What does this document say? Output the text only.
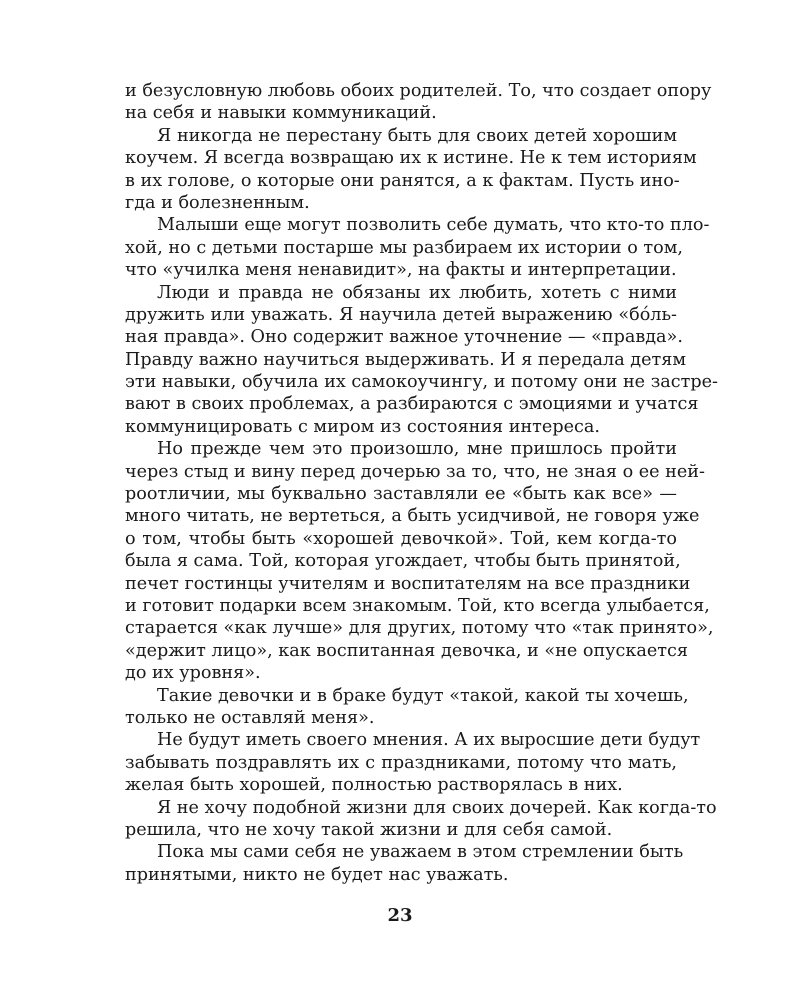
и безусловную любовь обоих родителей. То, что создает опору
на себя и навыки коммуникаций.
Я никогда не перестану быть для своих детей хорошим
коучем. Я всегда возвращаю их к истине. Не к тем историям
в их голове, о которые они ранятся, а к фактам. Пусть ино-
гда и болезненным.
Малыши еще могут позволить себе думать, что кто-то пло-
хой, но с детьми постарше мы разбираем их истории о том,
что «училка меня ненавидит», на факты и интерпретации.
Люди и правда не обязаны их любить, хотеть с ними
дружить или уважать. Я научила детей выражению «бóль-
ная правда». Оно содержит важное уточнение — «правда».
Правду важно научиться выдерживать. И я передала детям
эти навыки, обучила их самокоучингу, и потому они не застре-
вают в своих проблемах, а разбираются с эмоциями и учатся
коммуницировать с миром из состояния интереса.
Но прежде чем это произошло, мне пришлось пройти
через стыд и вину перед дочерью за то, что, не зная о ее ней-
роотличии, мы буквально заставляли ее «быть как все» —
много читать, не вертеться, а быть усидчивой, не говоря уже
о том, чтобы быть «хорошей девочкой». Той, кем когда-то
была я сама. Той, которая угождает, чтобы быть принятой,
печет гостинцы учителям и воспитателям на все праздники
и готовит подарки всем знакомым. Той, кто всегда улыбается,
старается «как лучше» для других, потому что «так принято»,
«держит лицо», как воспитанная девочка, и «не опускается
до их уровня».
Такие девочки и в браке будут «такой, какой ты хочешь,
только не оставляй меня».
Не будут иметь своего мнения. А их выросшие дети будут
забывать поздравлять их с праздниками, потому что мать,
желая быть хорошей, полностью растворялась в них.
Я не хочу подобной жизни для своих дочерей. Как когда-то
решила, что не хочу такой жизни и для себя самой.
Пока мы сами себя не уважаем в этом стремлении быть
принятыми, никто не будет нас уважать.
23
